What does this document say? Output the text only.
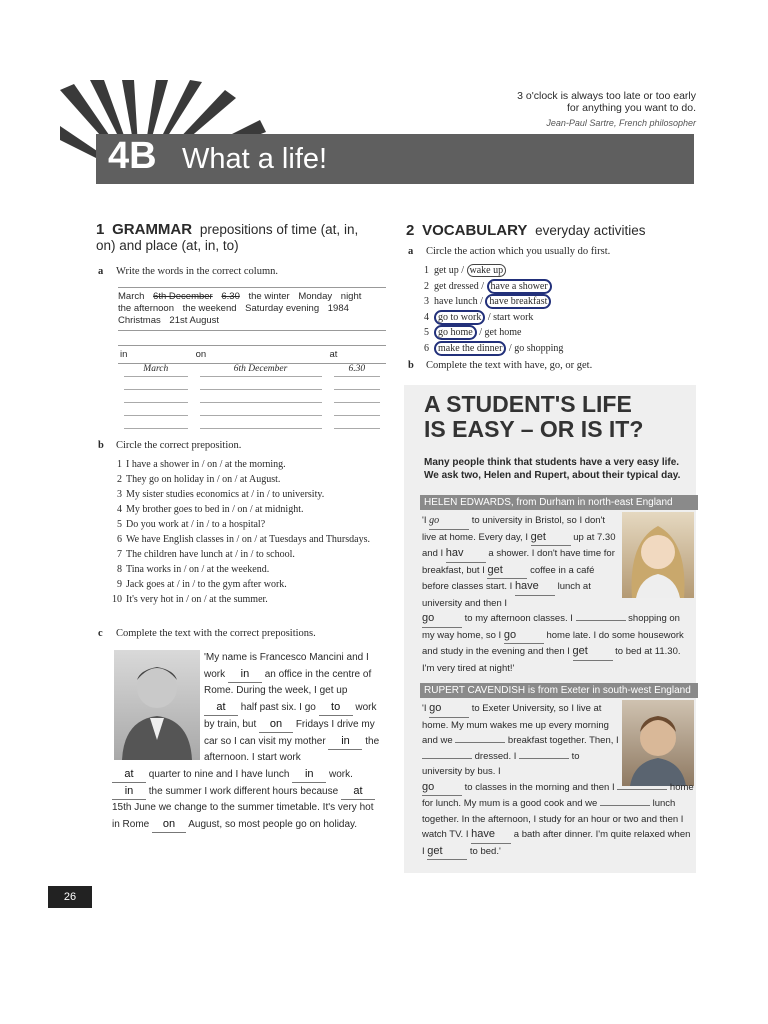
3 o'clock is always too late or too early
for anything you want to do.
Jean-Paul Sartre, French philosopher
4B What a life!
1 GRAMMAR prepositions of time (at, in,
on) and place (at, in, to)
a Write the words in the correct column.
March 6th December 6.30 the winter Monday night
the afternoon the weekend Saturday evening 1984
Christmas 21st August
in	on	at

March	6th December	6.30

b Circle the correct preposition.
1 I have a shower in / on / at the morning.
2 They go on holiday in / on / at August.
3 My sister studies economics at / in / to university.
4 My brother goes to bed in / on / at midnight.
5 Do you work at / in / to a hospital?
6 We have English classes in / on / at Tuesdays and Thursdays.
7 The children have lunch at / in / to school.
8 Tina works in / on / at the weekend.
9 Jack goes at / in / to the gym after work.
10 It's very hot in / on / at the summer.
c Complete the text with the correct prepositions.
'My name is Francesco Mancini and I work in an office in the centre of Rome. During the week, I get up at half past six. I go to work by train, but on Fridays I drive my car so I can visit my mother in the afternoon. I start work
at quarter to nine and I have lunch in work. in the summer I work different hours because at 15th June we change to the summer timetable. It's very hot in Rome on August, so most people go on holiday.
2 VOCABULARY everyday activities
a Circle the action which you usually do first.
1 get up / wake up
2 get dressed / have a shower
3 have lunch / have breakfast
4 go to work / start work
5 go home / get home
6 make the dinner / go shopping
b Complete the text with have, go, or get.
A STUDENT'S LIFE
IS EASY – OR IS IT?
Many people think that students have a very easy life. We ask two, Helen and Rupert, about their typical day.
HELEN EDWARDS, from Durham in north-east England
'I go	to university in Bristol, so I don't live at home. Every day, I get	up at 7.30 and I hav	a shower. I don't have time for breakfast, but I get	coffee in a café before classes start. I have lunch at university and then I
go	to my afternoon classes. I	shopping on my way home, so I go	home late. I do some housework and study in the evening and then I get	to bed at 11.30. I'm very tired at night!'
RUPERT CAVENDISH is from Exeter in south-west England
'I go	to Exeter University, so I live at home. My mum wakes me up every morning and we	breakfast together. Then, I  dressed. I	to university by bus. I
go	to classes in the morning and then I	home for lunch. My mum is a good cook and we	lunch together. In the afternoon, I study for an hour or two and then I watch TV. I have a bath after dinner. I'm quite relaxed when I get	to bed.'
26
